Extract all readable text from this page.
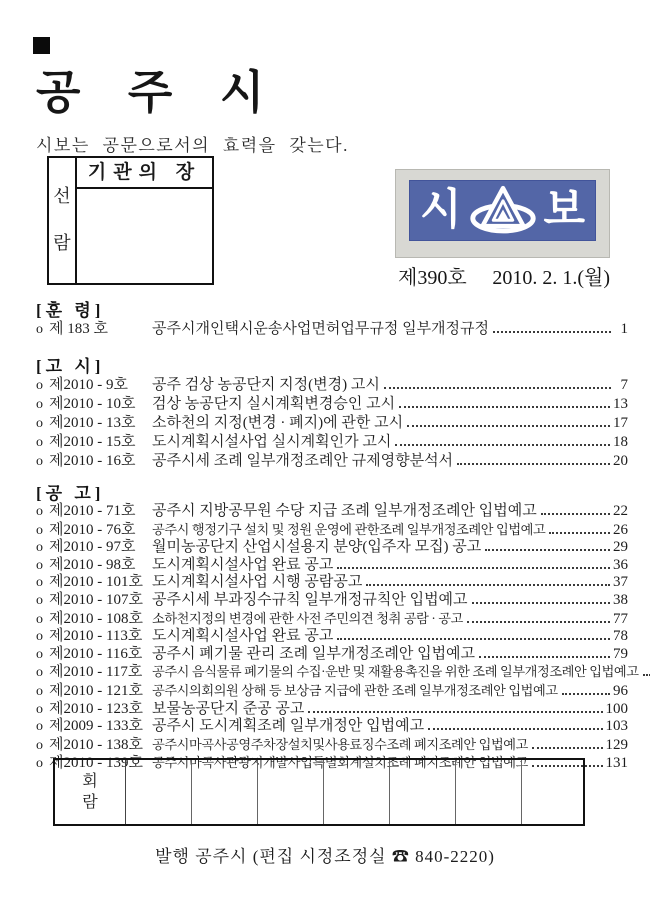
공 주 시
시보는 공문으로서의 효력을 갖는다.
선
람
기관의 장
시 보
제390호 2010. 2. 1.(월)
[훈 령]
o 제 183 호	공주시개인택시운송사업면허업무규정 일부개정규정	1
[고 시]
o 제2010 - 9호	공주 검상 농공단지 지정(변경) 고시	7
o 제2010 - 10호	검상 농공단지 실시계획변경승인 고시	13
o 제2010 - 13호	소하천의 지정(변경 · 폐지)에 관한 고시	17
o 제2010 - 15호	도시계획시설사업 실시계획인가 고시	18
o 제2010 - 16호	공주시세 조례 일부개정조례안 규제영향분석서	20
[공 고]
o 제2010 - 71호	공주시 지방공무원 수당 지급 조례 일부개정조례안 입법예고	22
o 제2010 - 76호	공주시 행정기구 설치 및 정원 운영에 관한조례 일부개정조례안 입법예고	26
o 제2010 - 97호	월미농공단지 산업시설용지 분양(입주자 모집) 공고	29
o 제2010 - 98호	도시계획시설사업 완료 공고	36
o 제2010 - 101호 도시계획시설사업 시행 공람공고	37
o 제2010 - 107호 공주시세 부과징수규칙 일부개정규칙안 입법예고	38
o 제2010 - 108호 소하천지정의 변경에 관한 사전 주민의견 청취 공람 · 공고	77
o 제2010 - 113호 도시계획시설사업 완료 공고	78
o 제2010 - 116호 공주시 폐기물 관리 조례 일부개정조례안 입법예고	79
o 제2010 - 117호 공주시 음식물류 폐기물의 수집·운반 및 재활용촉진을 위한 조례 일부개정조례안 입법예고
o 제2010 - 121호 공주시의회의원 상해 등 보상금 지급에 관한 조례 일부개정조례안 입법예고	96
o 제2010 - 123호 보물농공단지 준공 공고	100
o 제2009 - 133호 공주시 도시계획조례 일부개정안 입법예고	103
o 제2010 - 138호 공주시마곡사공영주차장설치및사용료징수조례 폐지조례안 입법예고	129
o 제2010 - 139호 공주시마곡사관광지개발사업특별회계설치조례 폐지조례안 입법예고	131
회
람
발행 공주시 (편집 시정조정실 ☎ 840-2220)
